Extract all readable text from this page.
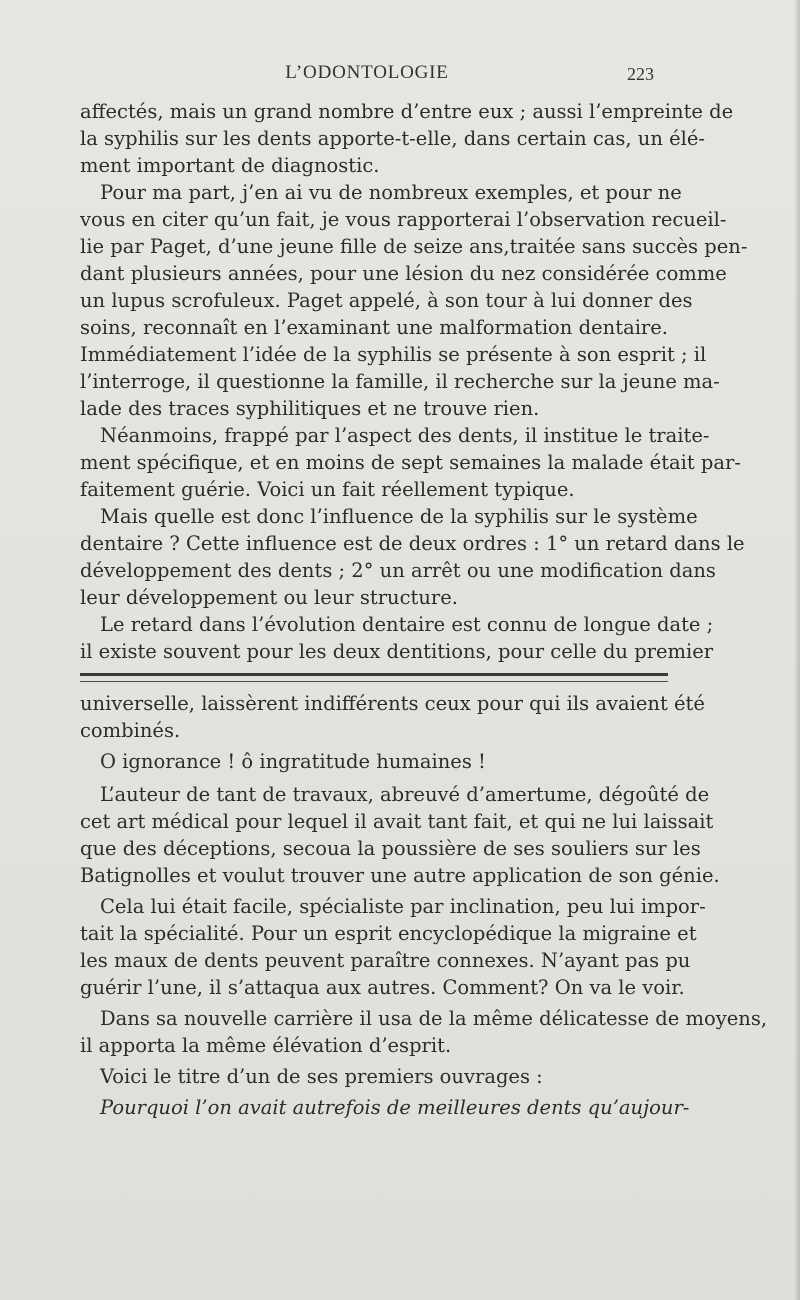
L’ODONTOLOGIE	223
affectés, mais un grand nombre d’entre eux ; aussi l’empreinte de
la syphilis sur les dents apporte-t-elle, dans certain cas, un élé-
ment important de diagnostic.
Pour ma part, j’en ai vu de nombreux exemples, et pour ne
vous en citer qu’un fait, je vous rapporterai l’observation recueil-
lie par Paget, d’une jeune fille de seize ans,traitée sans succès pen-
dant plusieurs années, pour une lésion du nez considérée comme
un lupus scrofuleux. Paget appelé, à son tour à lui donner des
soins, reconnaît en l’examinant une malformation dentaire.
Immédiatement l’idée de la syphilis se présente à son esprit ; il
l’interroge, il questionne la famille, il recherche sur la jeune ma-
lade des traces syphilitiques et ne trouve rien.
Néanmoins, frappé par l’aspect des dents, il institue le traite-
ment spécifique, et en moins de sept semaines la malade était par-
faitement guérie. Voici un fait réellement typique.
Mais quelle est donc l’influence de la syphilis sur le système
dentaire ? Cette influence est de deux ordres : 1° un retard dans le
développement des dents ; 2° un arrêt ou une modification dans
leur développement ou leur structure.
Le retard dans l’évolution dentaire est connu de longue date ;
il existe souvent pour les deux dentitions, pour celle du premier
universelle, laissèrent indifférents ceux pour qui ils avaient été
combinés.
O ignorance ! ô ingratitude humaines !
L’auteur de tant de travaux, abreuvé d’amertume, dégoûté de
cet art médical pour lequel il avait tant fait, et qui ne lui laissait
que des déceptions, secoua la poussière de ses souliers sur les
Batignolles et voulut trouver une autre application de son génie.
Cela lui était facile, spécialiste par inclination, peu lui impor-
tait la spécialité. Pour un esprit encyclopédique la migraine et
les maux de dents peuvent paraître connexes. N’ayant pas pu
guérir l’une, il s’attaqua aux autres. Comment? On va le voir.
Dans sa nouvelle carrière il usa de la même délicatesse de moyens,
il apporta la même élévation d’esprit.
Voici le titre d’un de ses premiers ouvrages :
Pourquoi l’on avait autrefois de meilleures dents qu’aujour-
